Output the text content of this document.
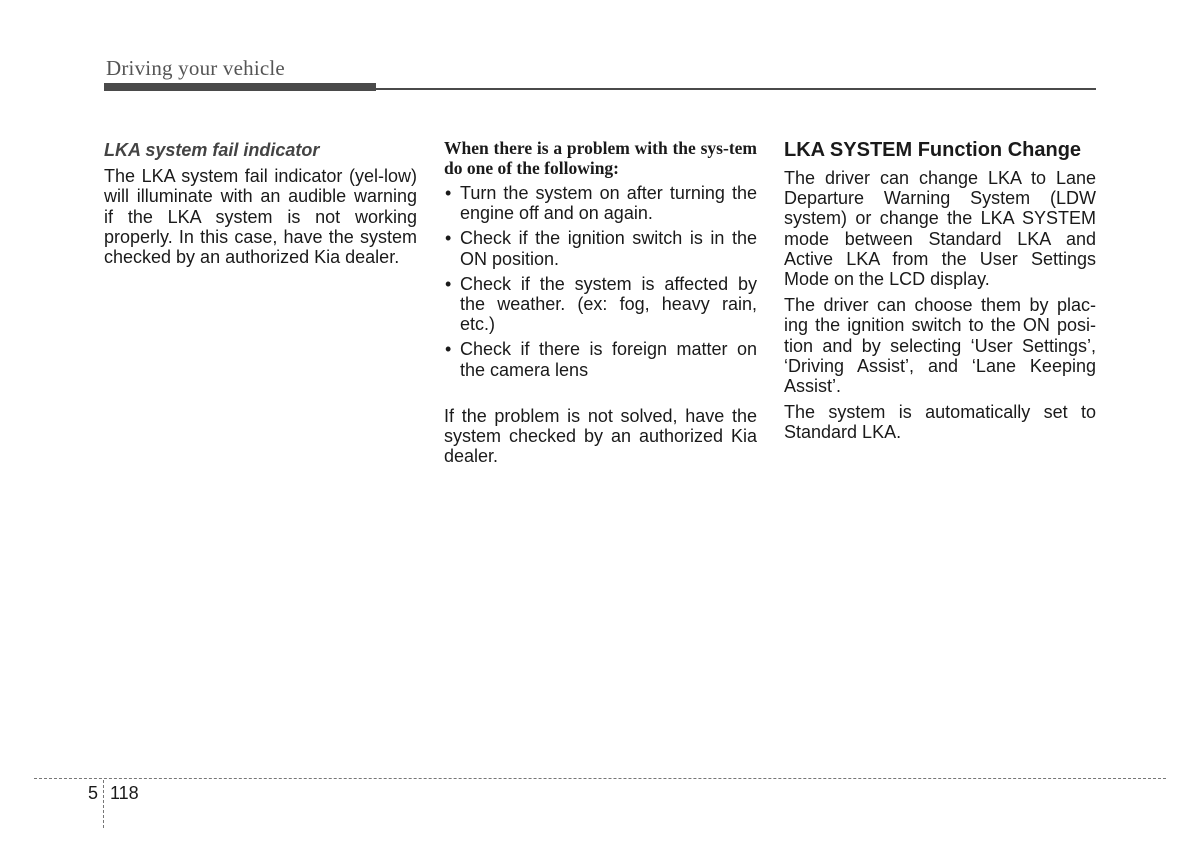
Driving your vehicle
LKA system fail indicator

The LKA system fail indicator (yel-low) will illuminate with an audible warning if the LKA system is not working properly. In this case, have the system checked by an authorized Kia dealer.

When there is a problem with the sys-tem do one of the following:

• Turn the system on after turning the engine off and on again.
• Check if the ignition switch is in the ON position.
• Check if the system is affected by the weather. (ex: fog, heavy rain, etc.)
• Check if there is foreign matter on the camera lens

If the problem is not solved, have the system checked by an authorized Kia dealer.

LKA SYSTEM Function Change

The driver can change LKA to Lane Departure Warning System (LDW system) or change the LKA SYSTEM mode between Standard LKA and Active LKA from the User Settings Mode on the LCD display.

The driver can choose them by plac-ing the ignition switch to the ON posi-tion and by selecting ‘User Settings’, ‘Driving Assist’, and ‘Lane Keeping Assist’.

The system is automatically set to Standard LKA.

5 118
